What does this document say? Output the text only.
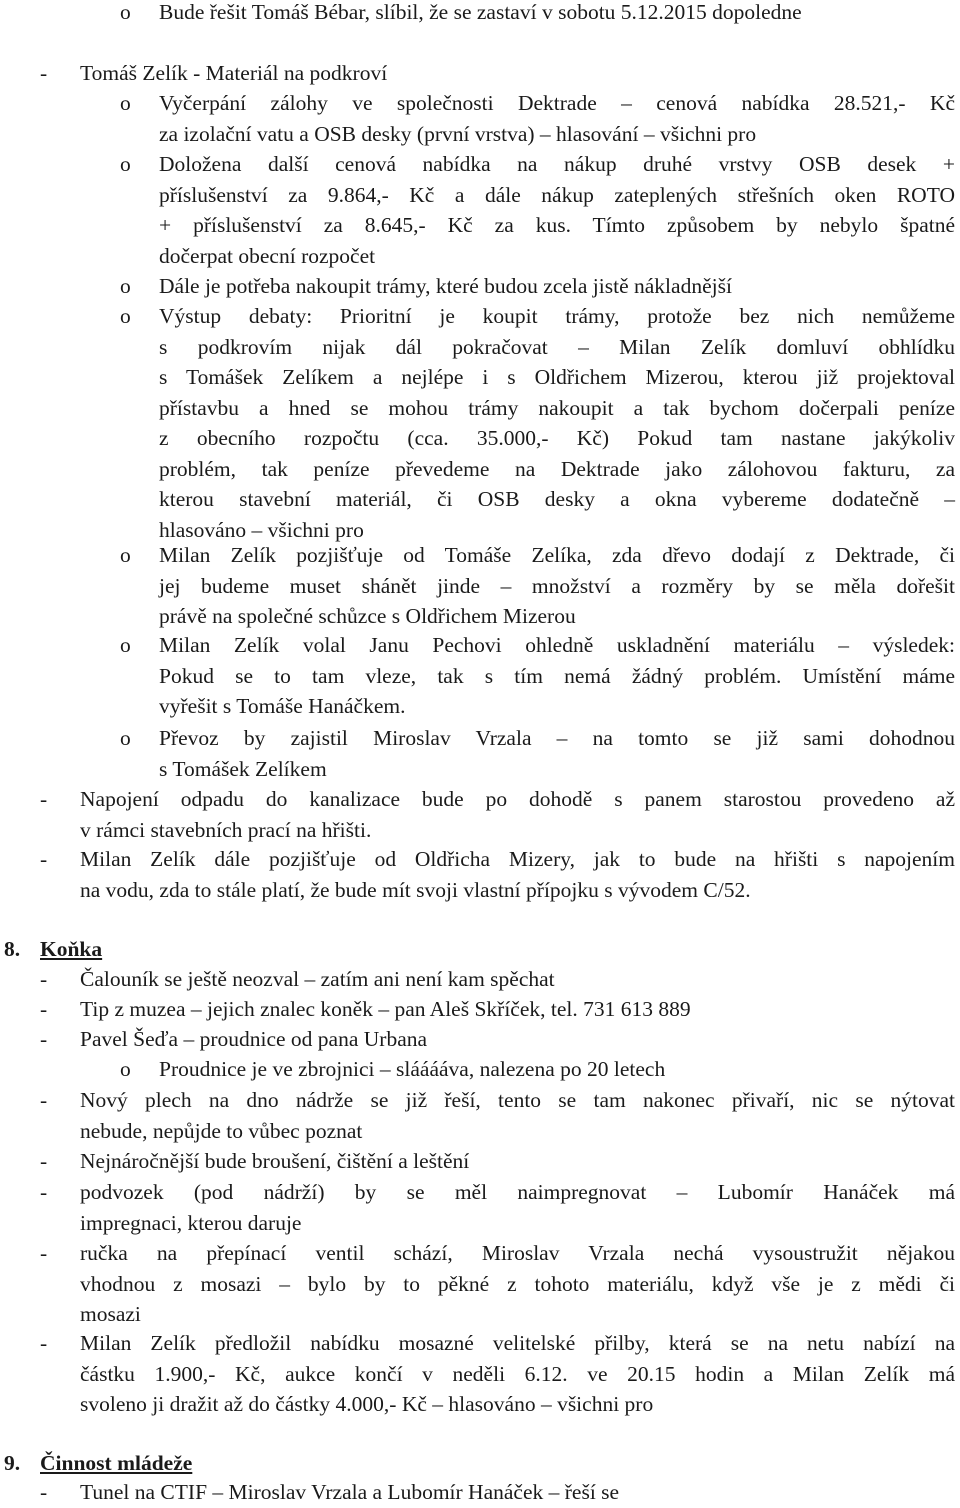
o Bude řešit Tomáš Bébar, slíbil, že se zastaví v sobotu 5.12.2015 dopoledne
- Tomáš Zelík - Materiál na podkroví
o Vyčerpání zálohy ve společnosti Dektrade – cenová nabídka 28.521,- Kč
za izolační vatu a OSB desky (první vrstva) – hlasování – všichni pro
o Doložena další cenová nabídka na nákup druhé vrstvy OSB desek +
příslušenství za 9.864,- Kč a dále nákup zateplených střešních oken ROTO
+ příslušenství za 8.645,- Kč za kus. Tímto způsobem by nebylo špatné
dočerpat obecní rozpočet
o Dále je potřeba nakoupit trámy, které budou zcela jistě nákladnější
o Výstup debaty: Prioritní je koupit trámy, protože bez nich nemůžeme
s podkrovím nijak dál pokračovat – Milan Zelík domluví obhlídku
s Tomášek Zelíkem a nejlépe i s Oldřichem Mizerou, kterou již projektoval
přístavbu a hned se mohou trámy nakoupit a tak bychom dočerpali peníze
z obecního rozpočtu (cca. 35.000,- Kč) Pokud tam nastane jakýkoliv
problém, tak peníze převedeme na Dektrade jako zálohovou fakturu, za
kterou stavební materiál, či OSB desky a okna vybereme dodatečně –
hlasováno – všichni pro
o Milan Zelík pozjišťuje od Tomáše Zelíka, zda dřevo dodají z Dektrade, či
jej budeme muset shánět jinde – množství a rozměry by se měla dořešit
právě na společné schůzce s Oldřichem Mizerou
o Milan Zelík volal Janu Pechovi ohledně uskladnění materiálu – výsledek:
Pokud se to tam vleze, tak s tím nemá žádný problém. Umístění máme
vyřešit s Tomáše Hanáčkem.
o Převoz by zajistil Miroslav Vrzala – na tomto se již sami dohodnou
s Tomášek Zelíkem
- Napojení odpadu do kanalizace bude po dohodě s panem starostou provedeno až
v rámci stavebních prací na hřišti.
- Milan Zelík dále pozjišťuje od Oldřicha Mizery, jak to bude na hřišti s napojením
na vodu, zda to stále platí, že bude mít svoji vlastní přípojku s vývodem C/52.
8. Koňka
- Čalouník se ještě neozval – zatím ani není kam spěchat
- Tip z muzea – jejich znalec koněk – pan Aleš Skříček, tel. 731 613 889
- Pavel Šeďa – proudnice od pana Urbana
o Proudnice je ve zbrojnici – sláááávа, nalezena po 20 letech
- Nový plech na dno nádrže se již řeší, tento se tam nakonec přivaří, nic se nýtovat
nebude, nepůjde to vůbec poznat
- Nejnáročnější bude broušení, čištění a leštění
- podvozek (pod nádrží) by se měl naimpregnovat – Lubomír Hanáček má
impregnaci, kterou daruje
- ručka na přepínací ventil schází, Miroslav Vrzala nechá vysoustružit nějakou
vhodnou z mosazi – bylo by to pěkné z tohoto materiálu, když vše je z mědi či
mosazi
- Milan Zelík předložil nabídku mosazné velitelské přilby, která se na netu nabízí na
částku 1.900,- Kč, aukce končí v neděli 6.12. ve 20.15 hodin a Milan Zelík má
svoleno ji dražit až do částky 4.000,- Kč – hlasováno – všichni pro
9. Činnost mládeže
- Tunel na CTIF – Miroslav Vrzala a Lubomír Hanáček – řeší se
